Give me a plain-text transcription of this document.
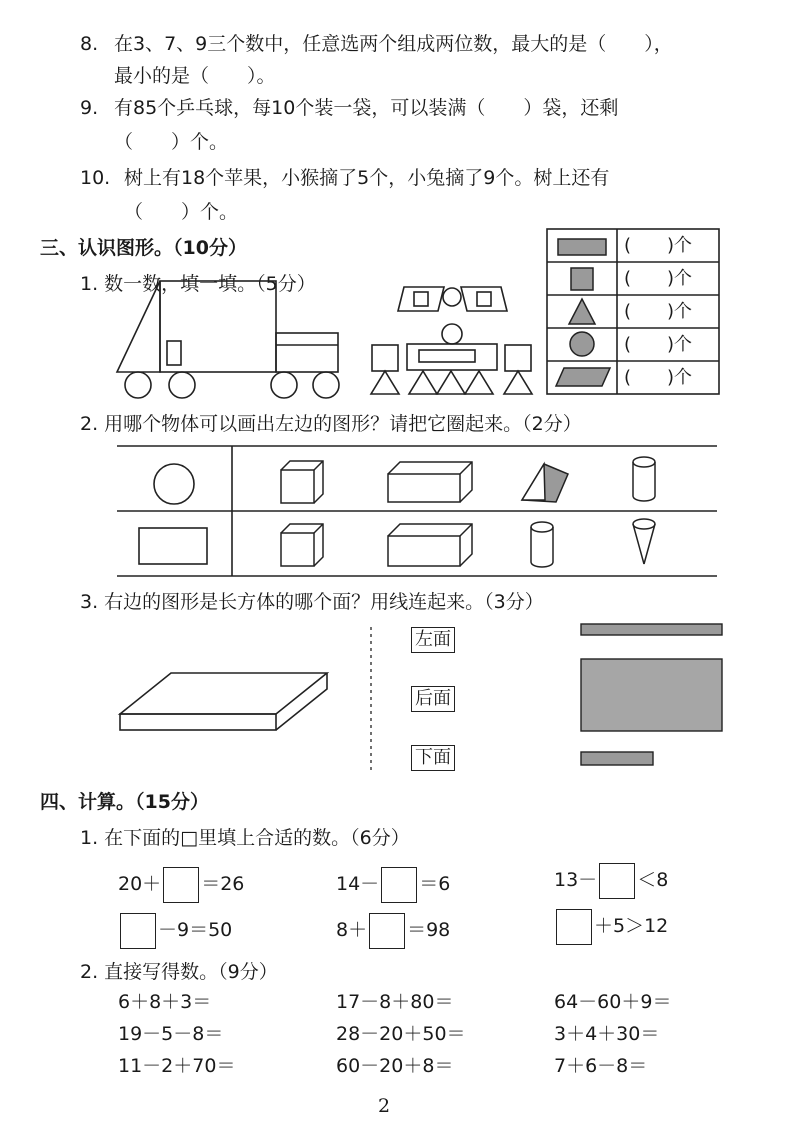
8. 在3、7、9三个数中，任意选两个组成两位数，最大的是（　　），
最小的是（　　）。
9. 有85个乒乓球，每10个装一袋，可以装满（　　）袋，还剩
（　　）个。
10. 树上有18个苹果，小猴摘了5个，小兔摘了9个。树上还有
（　　）个。
三、认识图形。（10分）
1. 数一数，填一填。（5分）
(　　)个
(　　)个
(　　)个
(　　)个
(　　)个
2. 用哪个物体可以画出左边的图形？请把它圈起来。（2分）
3. 右边的图形是长方体的哪个面？用线连起来。（3分）
左面
后面
下面
四、计算。（15分）
1. 在下面的□里填上合适的数。（6分）
20＋ ＝26	14－ ＝6	13－ ＜8
－9＝50	8＋ ＝98	＋5＞12
2. 直接写得数。（9分）
6＋8＋3＝	17－8＋80＝	64－60＋9＝
19－5－8＝	28－20＋50＝	3＋4＋30＝
11－2＋70＝	60－20＋8＝	7＋6－8＝
2
